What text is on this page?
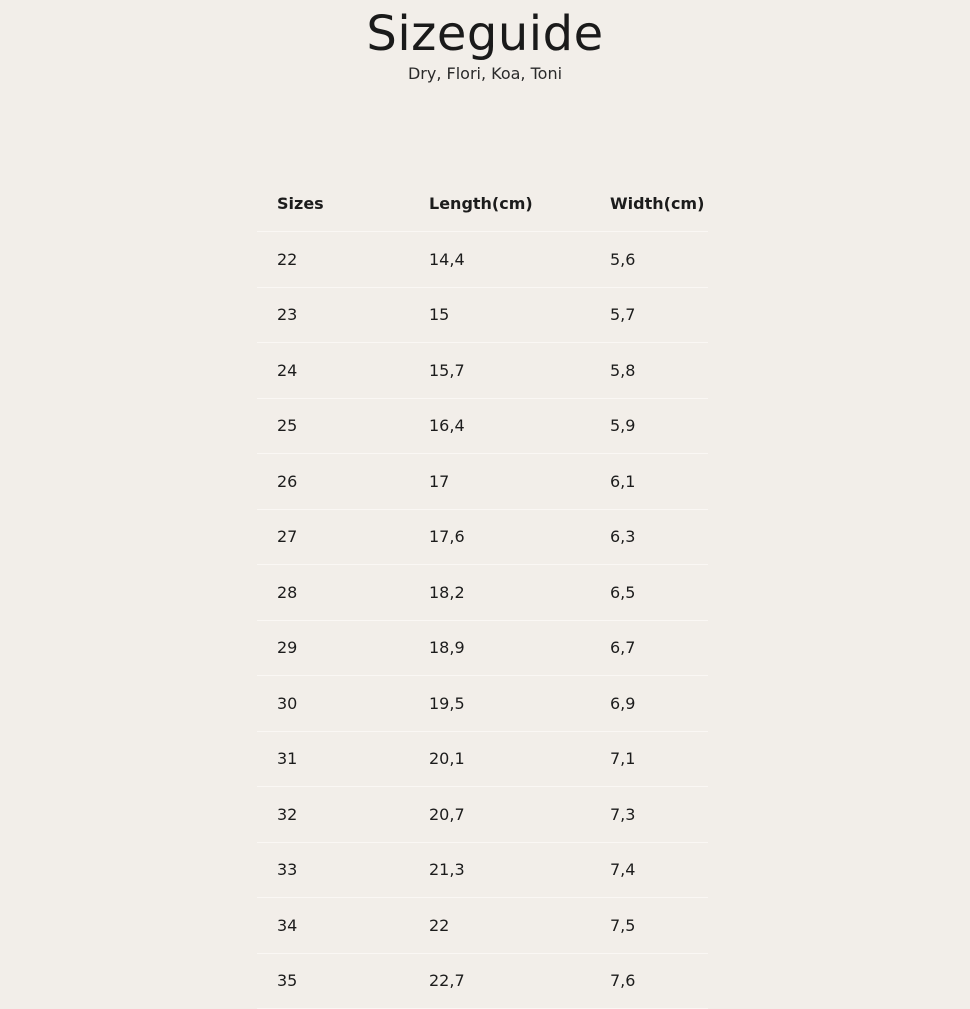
Sizeguide
Dry, Flori, Koa, Toni
Sizes	Length(cm)	Width(cm)
22	14,4	5,6
23	15	5,7
24	15,7	5,8
25	16,4	5,9
26	17	6,1
27	17,6	6,3
28	18,2	6,5
29	18,9	6,7
30	19,5	6,9
31	20,1	7,1
32	20,7	7,3
33	21,3	7,4
34	22	7,5
35	22,7	7,6
